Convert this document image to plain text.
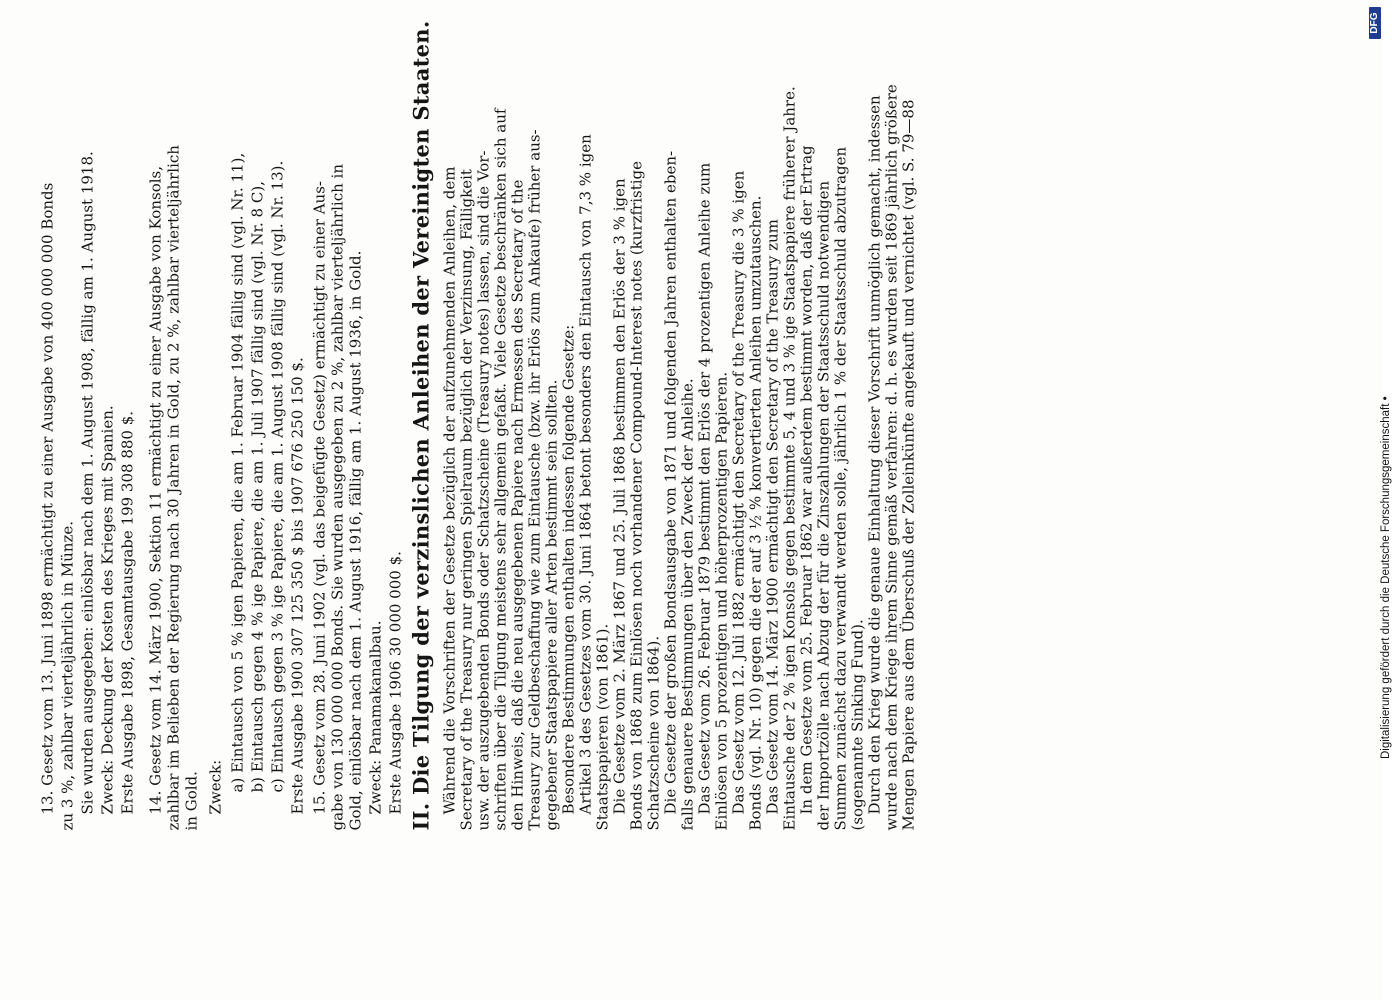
13. Gesetz vom 13. Juni 1898 ermächtigt zu einer Ausgabe von 400 000 000 Bonds zu 3 %, zahlbar vierteljährlich in Münze. Sie wurden ausgegeben: einlösbar nach dem 1. August 1908, fällig am 1. August 1918. Zweck: Deckung der Kosten des Krieges mit Spanien. Erste Ausgabe 1898, Gesamtausgabe 199 308 880 $. 14. Gesetz vom 14. März 1900, Sektion 11 ermächtigt zu einer Ausgabe von Konsols, zahlbar im Belieben der Regierung nach 30 Jahren in Gold, zu 2 %, zahlbar vierteljährlich in Gold. Zweck: a) Eintausch von 5 % igen Papieren, die am 1. Februar 1904 fällig sind (vgl. Nr. 11), b) Eintausch gegen 4 % ige Papiere, die am 1. Juli 1907 fällig sind (vgl. Nr. 8 C), c) Eintausch gegen 3 % ige Papiere, die am 1. August 1908 fällig sind (vgl. Nr. 13). Erste Ausgabe 1900 307 125 350 $ bis 1907 676 250 150 $. 15. Gesetz vom 28. Juni 1902 (vgl. das beigefügte Gesetz) ermächtigt zu einer Aus- gabe von 130 000 000 Bonds. Sie wurden ausgegeben zu 2 %, zahlbar vierteljährlich in Gold, einlösbar nach dem 1. August 1916, fällig am 1. August 1936, in Gold. Zweck: Panamakanalbau. Erste Ausgabe 1906 30 000 000 $. II. Die Tilgung der verzinslichen Anleihen der Vereinigten Staaten. Während die Vorschriften der Gesetze bezüglich der aufzunehmenden Anleihen, dem Secretary of the Treasury nur geringen Spielraum bezüglich der Verzinsung, Fälligkeit usw. der auszugebenden Bonds oder Schatzscheine (Treasury notes) lassen, sind die Vor- schriften über die Tilgung meistens sehr allgemein gefaßt. Viele Gesetze beschränken sich auf den Hinweis, daß die neu ausgegebenen Papiere nach Ermessen des Secretary of the Treasury zur Geldbeschaffung wie zum Eintausche (bzw. ihr Erlös zum Ankaufe) früher aus- gegebener Staatspapiere aller Arten bestimmt sein sollten. Besondere Bestimmungen enthalten indessen folgende Gesetze: Artikel 3 des Gesetzes vom 30. Juni 1864 betont besonders den Eintausch von 7,3 % igen Staatspapieren (von 1861). Die Gesetze vom 2. März 1867 und 25. Juli 1868 bestimmen den Erlös der 3 % igen Bonds von 1868 zum Einlösen noch vorhandener Compound-Interest notes (kurzfristige Schatzscheine von 1864). Die Gesetze der großen Bondsausgabe von 1871 und folgenden Jahren enthalten eben- falls genauere Bestimmungen über den Zweck der Anleihe. Das Gesetz vom 26. Februar 1879 bestimmt den Erlös der 4 prozentigen Anleihe zum Einlösen von 5 prozentigen und höherprozentigen Papieren. Das Gesetz vom 12. Juli 1882 ermächtigt den Secretary of the Treasury die 3 % igen Bonds (vgl. Nr. 10) gegen die der auf 3 ½ % konvertierten Anleihen umzutauschen. Das Gesetz vom 14. März 1900 ermächtigt den Secretary of the Treasury zum Eintausche der 2 % igen Konsols gegen bestimmte 5, 4 und 3 % ige Staatspapiere früherer Jahre. In dem Gesetze vom 25. Februar 1862 war außerdem bestimmt worden, daß der Ertrag der Importzölle nach Abzug der für die Zinszahlungen der Staatsschuld notwendigen Summen zunächst dazu verwandt werden solle, jährlich 1 % der Staatsschuld abzutragen (sogenannte Sinking Fund). Durch den Krieg wurde die genaue Einhaltung dieser Vorschrift unmöglich gemacht, indessen wurde nach dem Kriege ihrem Sinne gemäß verfahren: d. h. es wurden seit 1869 jährlich größere Mengen Papiere aus dem Überschuß der Zolleinkünfte angekauft und vernichtet (vgl. S. 79—88	Digitalisierung gefördert durch die Deutsche Forschungsgemeinschaft •
DFG
